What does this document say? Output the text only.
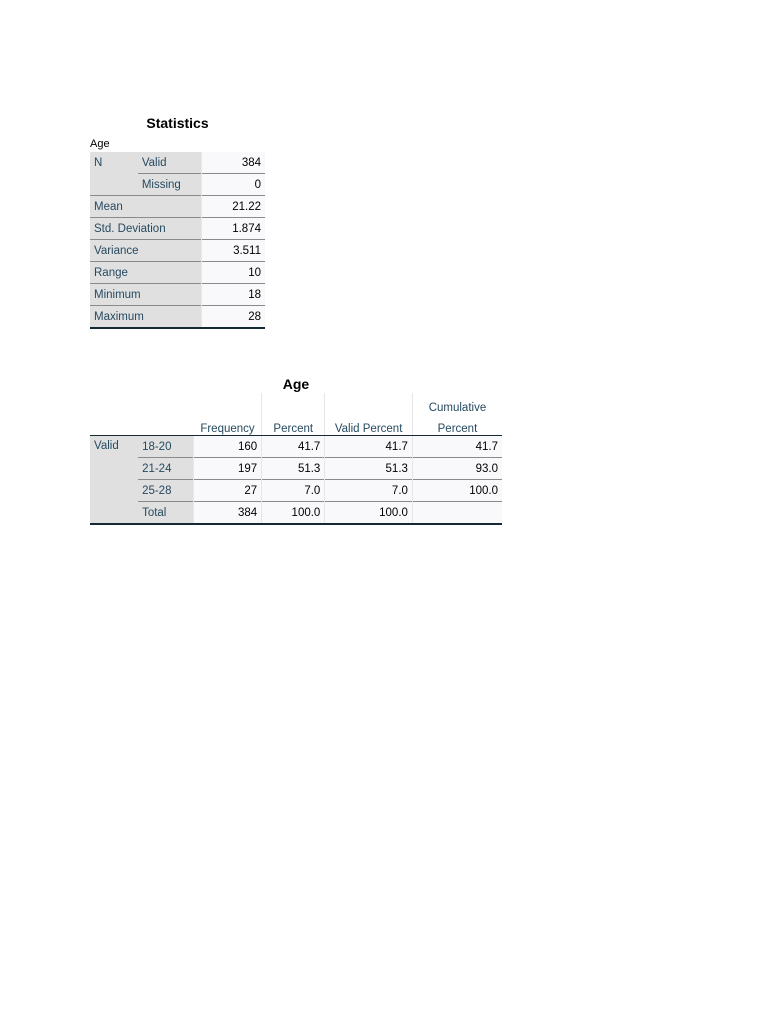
Statistics
Age
N	Valid	384
	Missing	0
Mean		21.22
Std. Deviation		1.874
Variance		3.511
Range		10
Minimum		18
Maximum		28
Age
					Cumulative
		Frequency	Percent	Valid Percent	Percent
Valid	18-20	160	41.7	41.7	41.7
	21-24	197	51.3	51.3	93.0
	25-28	27	7.0	7.0	100.0
	Total	384	100.0	100.0	
